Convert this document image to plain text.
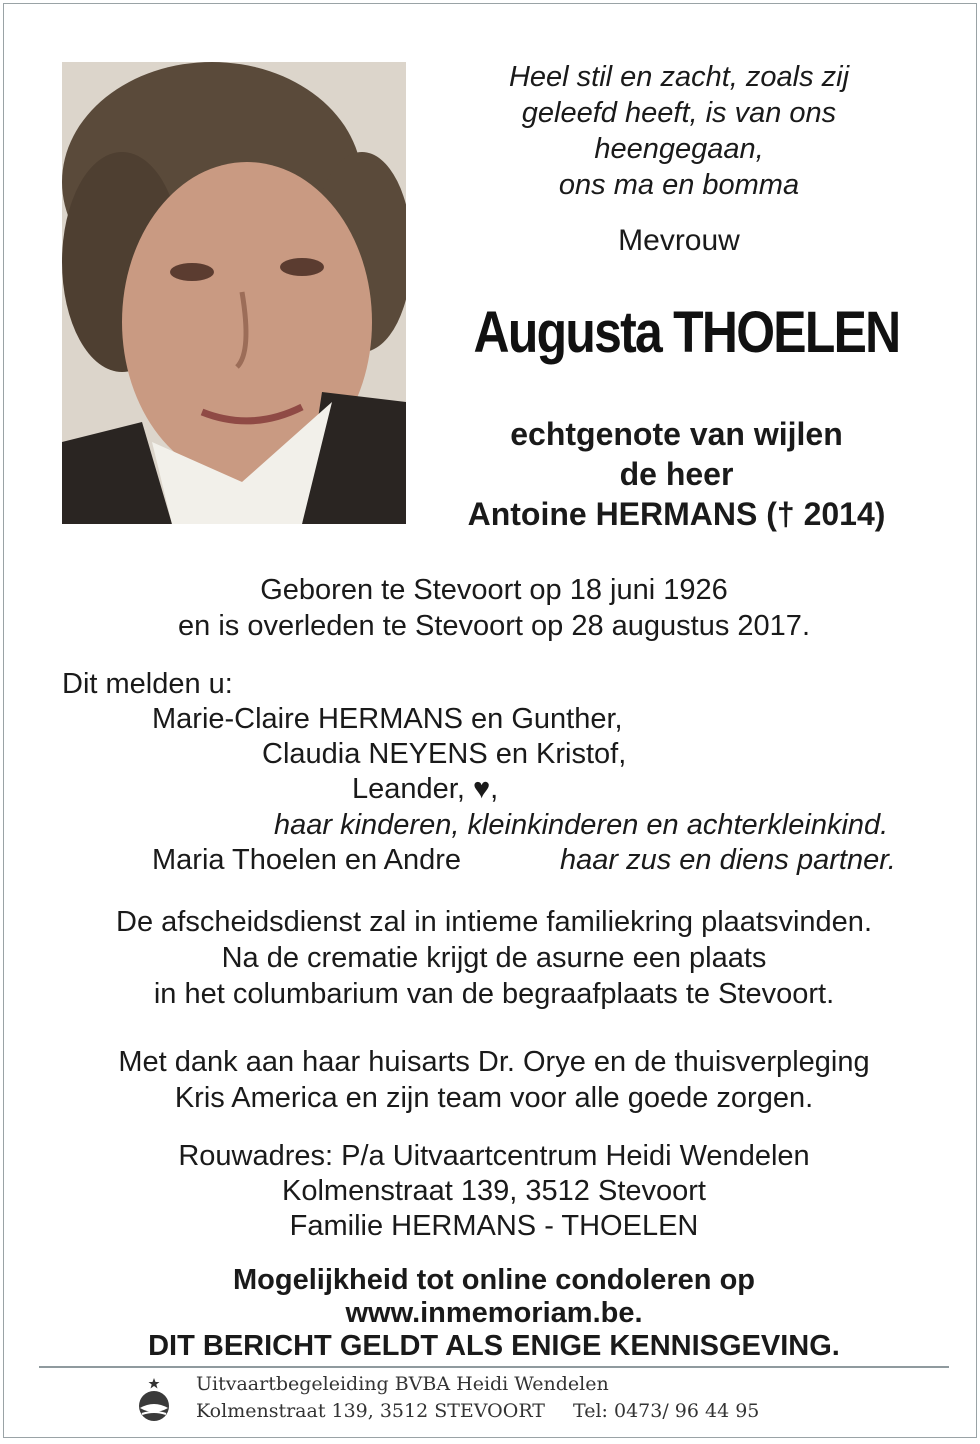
Heel stil en zacht, zoals zij
geleefd heeft, is van ons
heengegaan,
ons ma en bomma
Mevrouw
Augusta THOELEN
echtgenote van wijlen
de heer
Antoine HERMANS († 2014)
Geboren te Stevoort op 18 juni 1926
en is overleden te Stevoort op 28 augustus 2017.
Dit melden u:
Marie-Claire HERMANS en Gunther,
Claudia NEYENS en Kristof,
Leander, ♥,
haar kinderen, kleinkinderen en achterkleinkind.
Maria Thoelen en Andre	haar zus en diens partner.
De afscheidsdienst zal in intieme familiekring plaatsvinden.
Na de crematie krijgt de asurne een plaats
in het columbarium van de begraafplaats te Stevoort.
Met dank aan haar huisarts Dr. Orye en de thuisverpleging
Kris America en zijn team voor alle goede zorgen.
Rouwadres: P/a Uitvaartcentrum Heidi Wendelen
Kolmenstraat 139, 3512 Stevoort
Familie HERMANS - THOELEN
Mogelijkheid tot online condoleren op
www.inmemoriam.be.
DIT BERICHT GELDT ALS ENIGE KENNISGEVING.
Uitvaartbegeleiding BVBA Heidi Wendelen
Kolmenstraat 139, 3512 STEVOORT Tel: 0473/ 96 44 95
